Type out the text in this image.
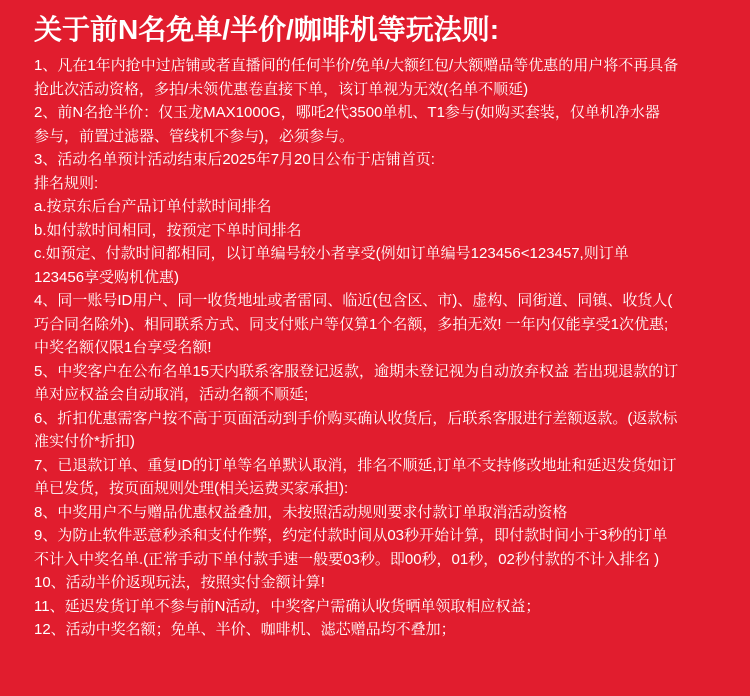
关于前N名免单/半价/咖啡机等玩法则:
1、凡在1年内抢中过店铺或者直播间的任何半价/免单/大额红包/大额赠品等优惠的用户将不再具备
抢此次活动资格，多拍/未领优惠卷直接下单，该订单视为无效(名单不顺延)
2、前N名抢半价：仅玉龙MAX1000G，哪吒2代3500单机、T1参与(如购买套装，仅单机净水器
参与，前置过滤器、管线机不参与)，必须参与。
3、活动名单预计活动结束后2025年7月20日公布于店铺首页:
排名规则:
a.按京东后台产品订单付款时间排名
b.如付款时间相同，按预定下单时间排名
c.如预定、付款时间都相同，以订单编号较小者享受(例如订单编号123456<123457,则订单
123456享受购机优惠)
4、同一账号ID用户、同一收货地址或者雷同、临近(包含区、市)、虚构、同街道、同镇、收货人(
巧合同名除外)、相同联系方式、同支付账户等仅算1个名额，多拍无效! 一年内仅能享受1次优惠;
中奖名额仅限1台享受名额!
5、中奖客户在公布名单15天内联系客服登记返款，逾期未登记视为自动放弃权益 若出现退款的订
单对应权益会自动取消，活动名额不顺延;
6、折扣优惠需客户按不高于页面活动到手价购买确认收货后，后联系客服进行差额返款。(返款标
准实付价*折扣)
7、已退款订单、重复ID的订单等名单默认取消，排名不顺延,订单不支持修改地址和延迟发货如订
单已发货，按页面规则处理(相关运费买家承担):
8、中奖用户不与赠品优惠权益叠加，未按照活动规则要求付款订单取消活动资格
9、为防止软件恶意秒杀和支付作弊，约定付款时间从03秒开始计算，即付款时间小于3秒的订单
不计入中奖名单.(正常手动下单付款手速一般要03秒。即00秒，01秒，02秒付款的不计入排名 )
10、活动半价返现玩法，按照实付金额计算!
11、延迟发货订单不参与前N活动，中奖客户需确认收货晒单领取相应权益；
12、活动中奖名额；免单、半价、咖啡机、滤芯赠品均不叠加；
